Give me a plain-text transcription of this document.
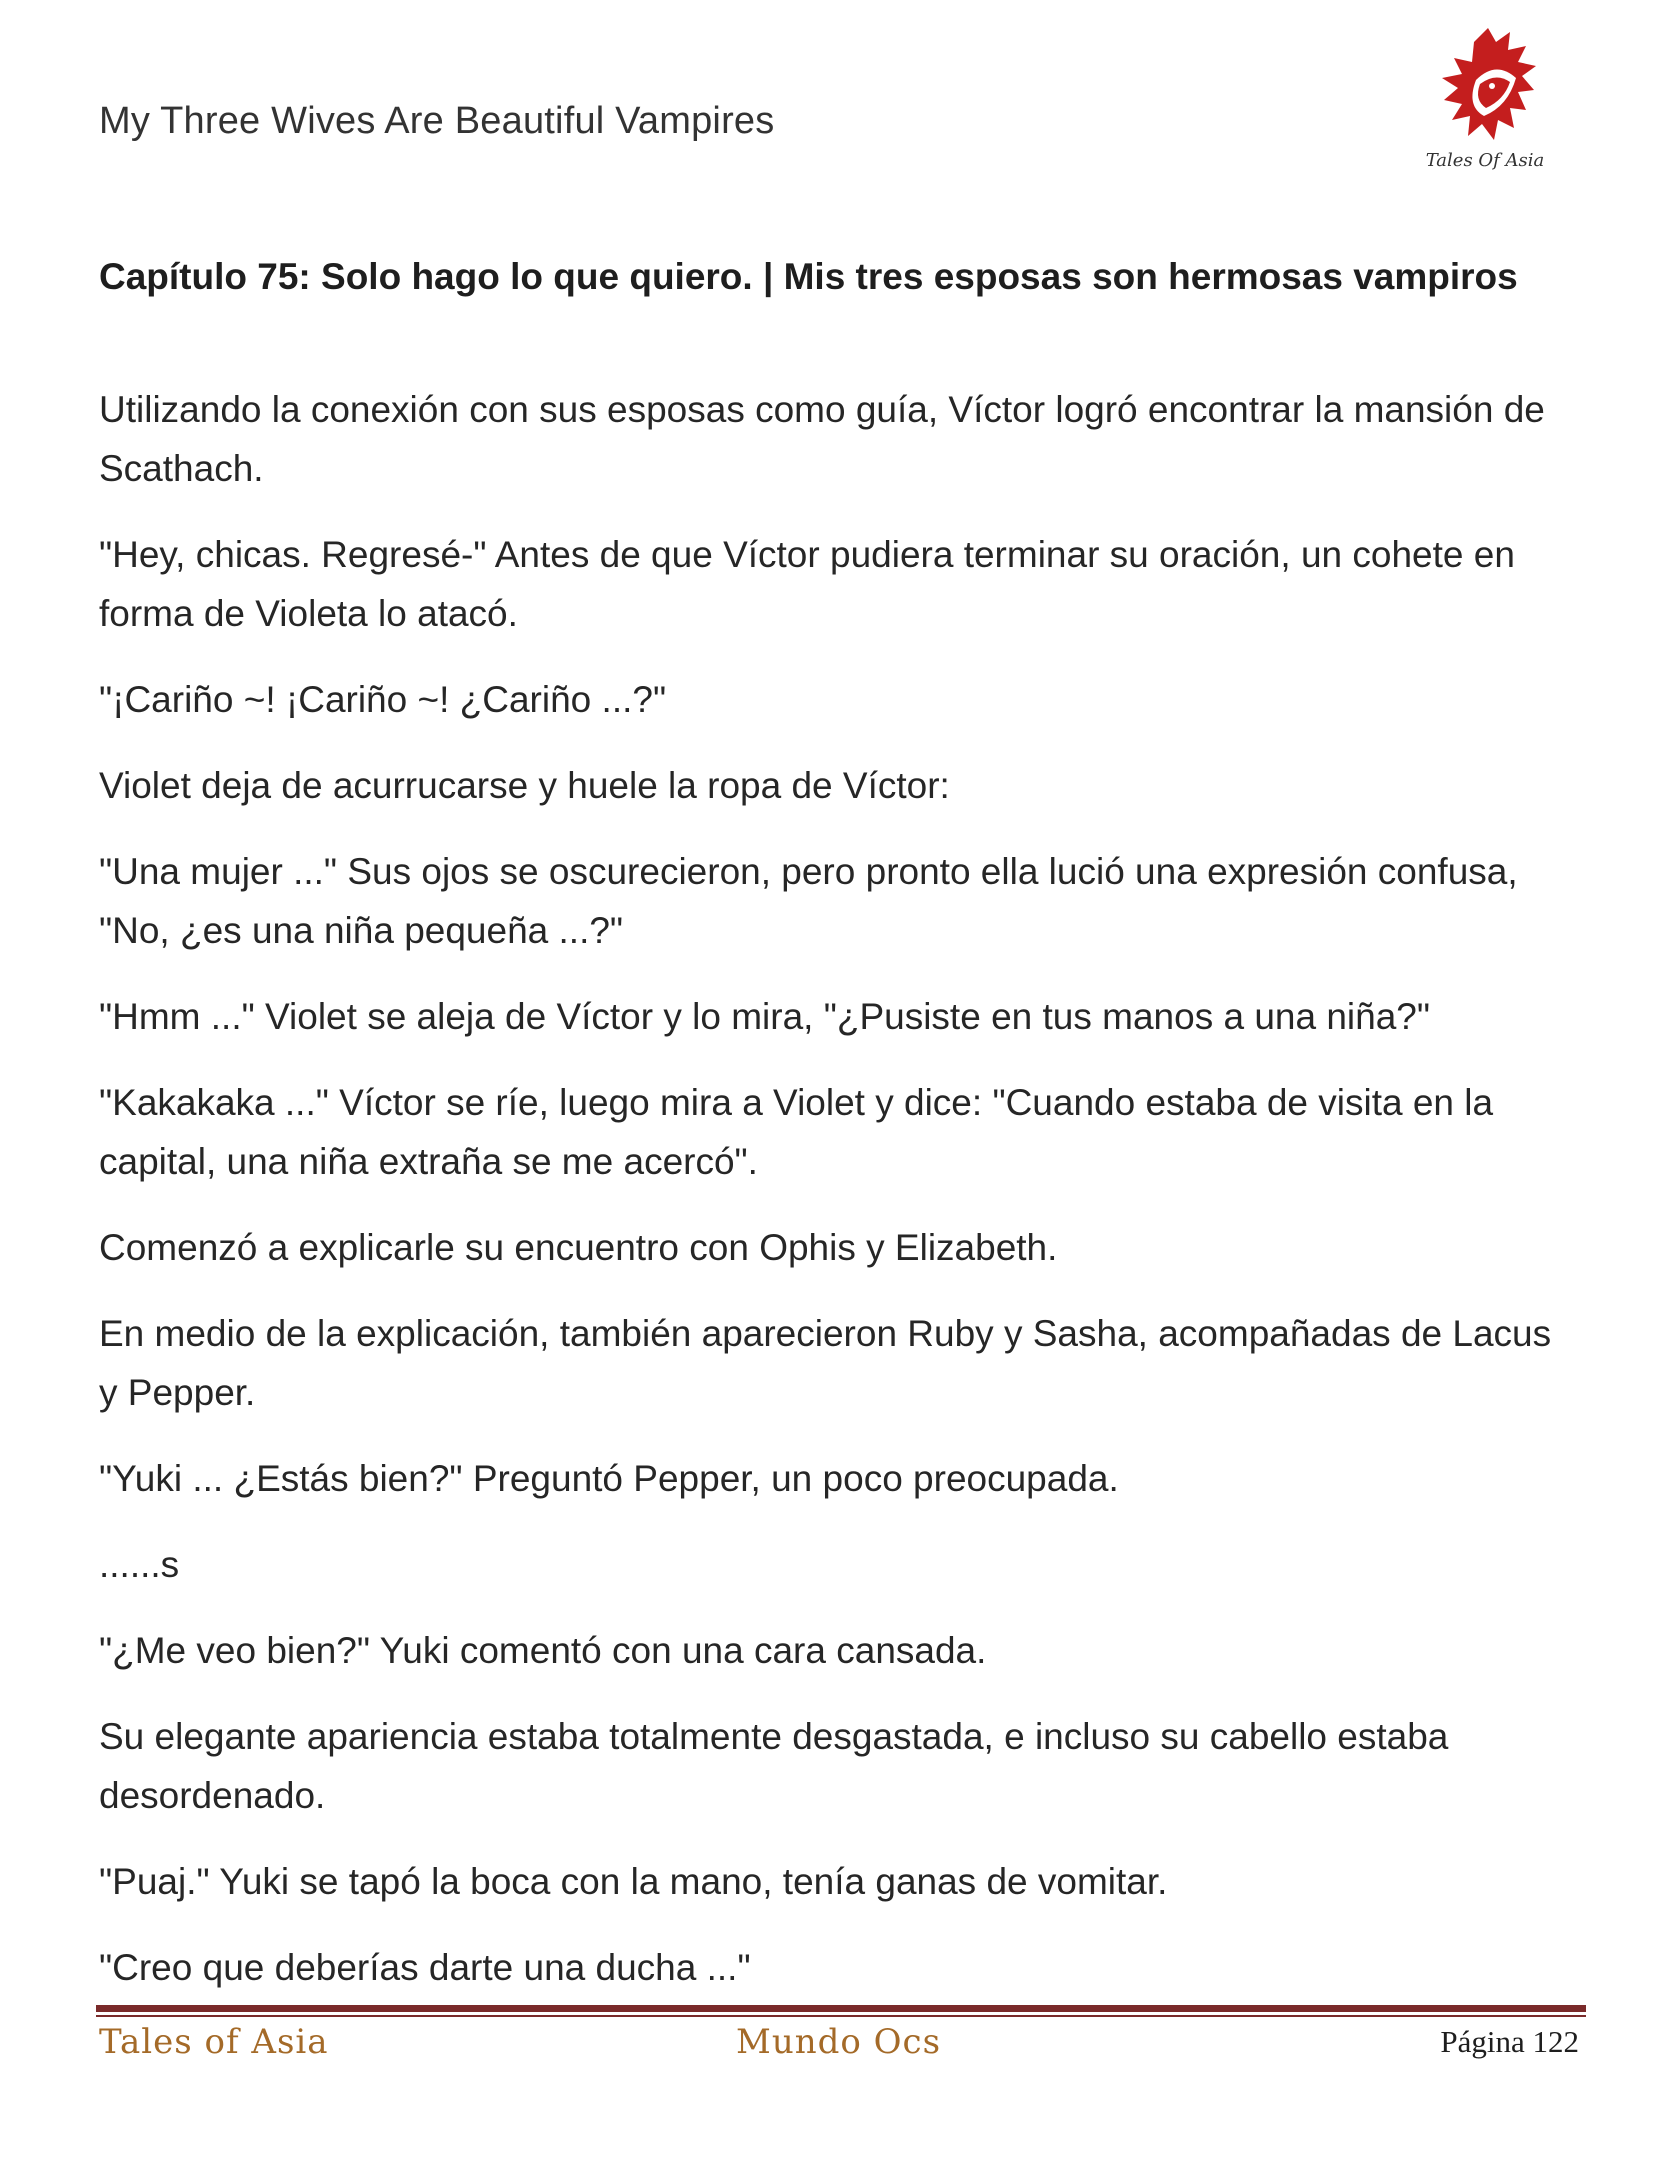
My Three Wives Are Beautiful Vampires
Tales Of Asia
Capítulo 75: Solo hago lo que quiero. | Mis tres esposas son hermosas vampiros

Utilizando la conexión con sus esposas como guía, Víctor logró encontrar la mansión de Scathach.

"Hey, chicas. Regresé-" Antes de que Víctor pudiera terminar su oración, un cohete en forma de Violeta lo atacó.

"¡Cariño ~! ¡Cariño ~! ¿Cariño ...?"

Violet deja de acurrucarse y huele la ropa de Víctor:

"Una mujer ..." Sus ojos se oscurecieron, pero pronto ella lució una expresión confusa, "No, ¿es una niña pequeña ...?"

"Hmm ..." Violet se aleja de Víctor y lo mira, "¿Pusiste en tus manos a una niña?"

"Kakakaka ..." Víctor se ríe, luego mira a Violet y dice: "Cuando estaba de visita en la capital, una niña extraña se me acercó".

Comenzó a explicarle su encuentro con Ophis y Elizabeth.

En medio de la explicación, también aparecieron Ruby y Sasha, acompañadas de Lacus y Pepper.

"Yuki ... ¿Estás bien?" Preguntó Pepper, un poco preocupada.

......s

"¿Me veo bien?" Yuki comentó con una cara cansada.

Su elegante apariencia estaba totalmente desgastada, e incluso su cabello estaba desordenado.

"Puaj." Yuki se tapó la boca con la mano, tenía ganas de vomitar.

"Creo que deberías darte una ducha ..."

Tales of Asia	Mundo Ocs	Página 122
